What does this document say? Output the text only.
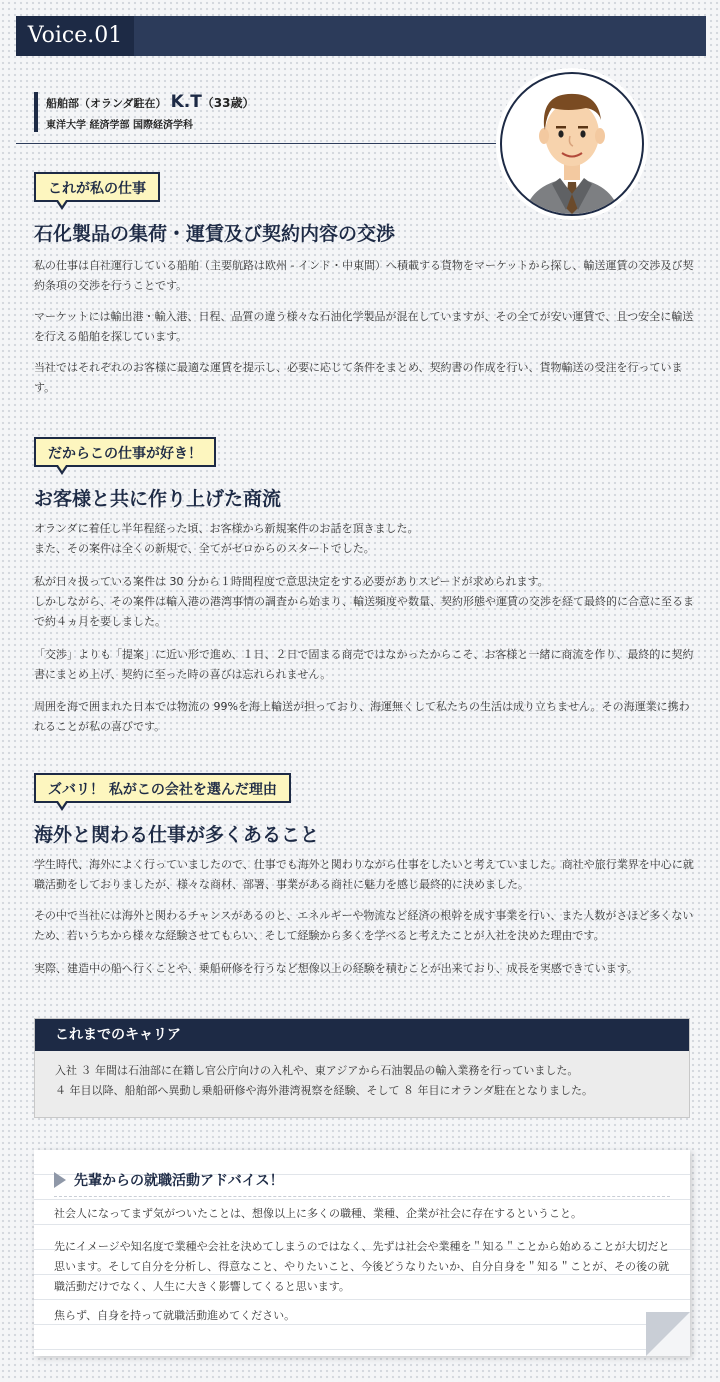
Voice.01
船舶部（オランダ駐在） K.T（33歳）
東洋大学 経済学部 国際経済学科
これが私の仕事
石化製品の集荷・運賃及び契約内容の交渉

私の仕事は自社運行している船舶（主要航路は欧州 - インド・中東間）へ積載する貨物をマーケットから探し、輸送運賃の交渉及び契約条項の交渉を行うことです。

マーケットには輸出港・輸入港、日程、品質の違う様々な石油化学製品が混在していますが、その全てが安い運賃で、且つ安全に輸送を行える船舶を探しています。

当社ではそれぞれのお客様に最適な運賃を提示し、必要に応じて条件をまとめ、契約書の作成を行い、貨物輸送の受注を行っています。

だからこの仕事が好き！
お客様と共に作り上げた商流

オランダに着任し半年程経った頃、お客様から新規案件のお話を頂きました。
また、その案件は全くの新規で、全てがゼロからのスタートでした。

私が日々扱っている案件は 30 分から１時間程度で意思決定をする必要がありスピードが求められます。
しかしながら、その案件は輸入港の港湾事情の調査から始まり、輸送頻度や数量、契約形態や運賃の交渉を経て最終的に合意に至るまで約４ヵ月を要しました。

「交渉」よりも「提案」に近い形で進め、１日、２日で固まる商売ではなかったからこそ、お客様と一緒に商流を作り、最終的に契約書にまとめ上げ、契約に至った時の喜びは忘れられません。

周囲を海で囲まれた日本では物流の 99%を海上輸送が担っており、海運無くして私たちの生活は成り立ちません。その海運業に携われることが私の喜びです。

ズバリ！ 私がこの会社を選んだ理由
海外と関わる仕事が多くあること

学生時代、海外によく行っていましたので、仕事でも海外と関わりながら仕事をしたいと考えていました。商社や旅行業界を中心に就職活動をしておりましたが、様々な商材、部署、事業がある商社に魅力を感じ最終的に決めました。

その中で当社には海外と関わるチャンスがあるのと、エネルギーや物流など経済の根幹を成す事業を行い、また人数がさほど多くないため、若いうちから様々な経験させてもらい、そして経験から多くを学べると考えたことが入社を決めた理由です。

実際、建造中の船へ行くことや、乗船研修を行うなど想像以上の経験を積むことが出来ており、成長を実感できています。

これまでのキャリア
入社 ３ 年間は石油部に在籍し官公庁向けの入札や、東アジアから石油製品の輸入業務を行っていました。
４ 年目以降、船舶部へ異動し乗船研修や海外港湾視察を経験、そして ８ 年目にオランダ駐在となりました。
先輩からの就職活動アドバイス！

社会人になってまず気がついたことは、想像以上に多くの職種、業種、企業が社会に存在するということ。

先にイメージや知名度で業種や会社を決めてしまうのではなく、先ずは社会や業種を＂知る＂ことから始めることが大切だと思います。そして自分を分析し、得意なこと、やりたいこと、今後どうなりたいか、自分自身を＂知る＂ことが、その後の就職活動だけでなく、人生に大きく影響してくると思います。

焦らず、自身を持って就職活動進めてください。
